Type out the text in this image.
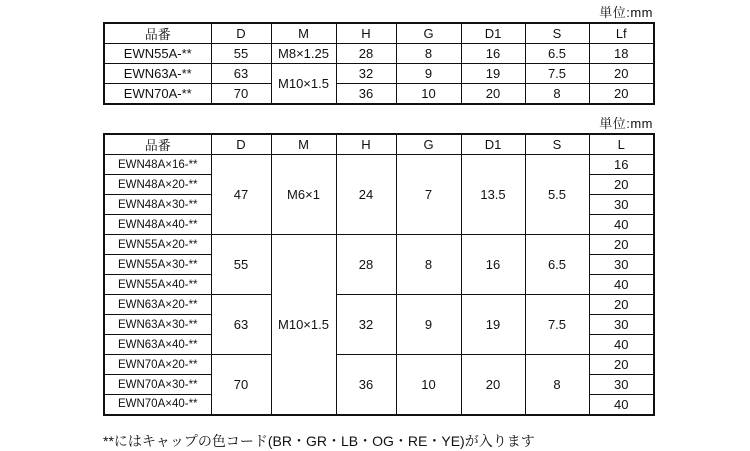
単位:mm
品番	D	M	H	G	D1	S	Lf
EWN55A-**	55	M8×1.25	28	8	16	6.5	18
EWN63A-**	63	M10×1.5	32	9	19	7.5	20
EWN70A-**	70		36	10	20	8	20
単位:mm
品番	D	M	H	G	D1	S	L
EWN48A×16-**	47	M6×1	24	7	13.5	5.5	16
EWN48A×20-**							20
EWN48A×30-**							30
EWN48A×40-**							40
EWN55A×20-**	55	M10×1.5	28	8	16	6.5	20
EWN55A×30-**							30
EWN55A×40-**							40
EWN63A×20-**	63		32	9	19	7.5	20
EWN63A×30-**							30
EWN63A×40-**							40
EWN70A×20-**	70		36	10	20	8	20
EWN70A×30-**							30
EWN70A×40-**							40
**にはキャップの色コード(BR・GR・LB・OG・RE・YE)が入ります
